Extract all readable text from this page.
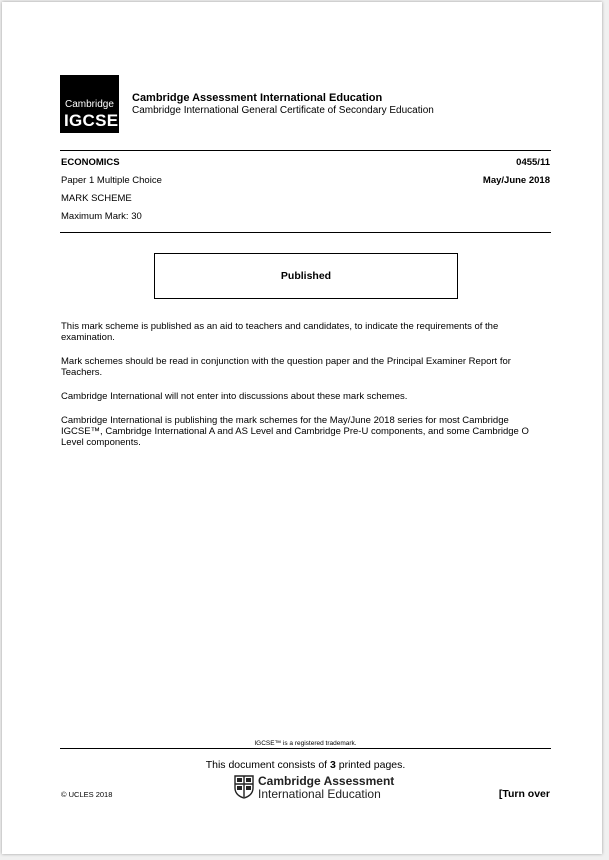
Cambridge
IGCSE
Cambridge Assessment International Education
Cambridge International General Certificate of Secondary Education
ECONOMICS	0455/11
Paper 1 Multiple Choice	May/June 2018
MARK SCHEME
Maximum Mark: 30
Published
This mark scheme is published as an aid to teachers and candidates, to indicate the requirements of the examination.
Mark schemes should be read in conjunction with the question paper and the Principal Examiner Report for Teachers.
Cambridge International will not enter into discussions about these mark schemes.
Cambridge International is publishing the mark schemes for the May/June 2018 series for most Cambridge IGCSE™, Cambridge International A and AS Level and Cambridge Pre-U components, and some Cambridge O Level components.
IGCSE™ is a registered trademark.
This document consists of 3 printed pages.
© UCLES 2018
Cambridge Assessment
International Education	[Turn over
